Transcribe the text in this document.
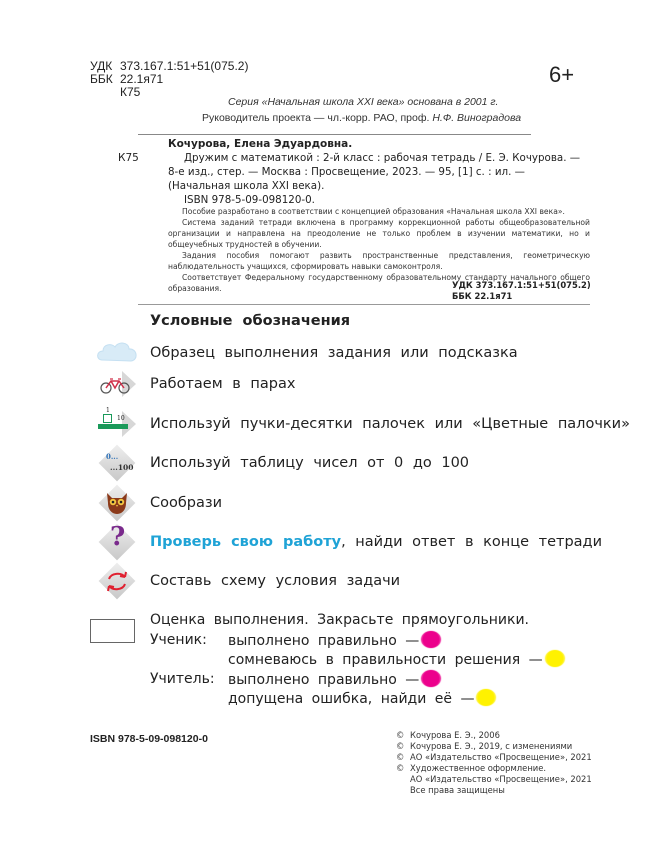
УДК 373.167.1:51+51(075.2)
ББК 22.1я71
К75
6+
Серия «Начальная школа XXI века» основана в 2001 г.
Руководитель проекта — чл.-корр. РАО, проф. Н.Ф. Виноградова
Кочурова, Елена Эдуардовна.
К75	Дружим с математикой : 2-й класс : рабочая тетрадь / Е. Э. Кочурова. — 8-е изд., стер. — Москва : Просвещение, 2023. — 95, [1] с. : ил. — (Начальная школа XXI века).
ISBN 978-5-09-098120-0.

Пособие разработано в соответствии с концепцией образования «Начальная школа XXI века».

Система заданий тетради включена в программу коррекционной работы общеобразовательной организации и направлена на преодоление не только проблем в изучении математики, но и общеучебных трудностей в обучении.

Задания пособия помогают развить пространственные представления, геометрическую наблюдательность учащихся, сформировать навыки самоконтроля.

Соответствует Федеральному государственному образовательному стандарту начального общего образования.	УДК 373.167.1:51+51(075.2)
ББК 22.1я71
Условные обозначения
Образец выполнения задания или подсказка
Работаем в парах
1
10 Используй пучки-десятки палочек или «Цветные палочки»
0...
...100 Используй таблицу чисел от 0 до 100
Сообрази
? Проверь свою работу, найди ответ в конце тетради
Составь схему условия задачи
Оценка выполнения. Закрасьте прямоугольники.
Ученик: выполнено правильно —
сомневаюсь в правильности решения —
Учитель: выполнено правильно —
допущена ошибка, найди её —
ISBN 978-5-09-098120-0	© Кочурова Е. Э., 2006
© Кочурова Е. Э., 2019, с изменениями
© АО «Издательство «Просвещение», 2021
© Художественное оформление.
АО «Издательство «Просвещение», 2021
Все права защищены
